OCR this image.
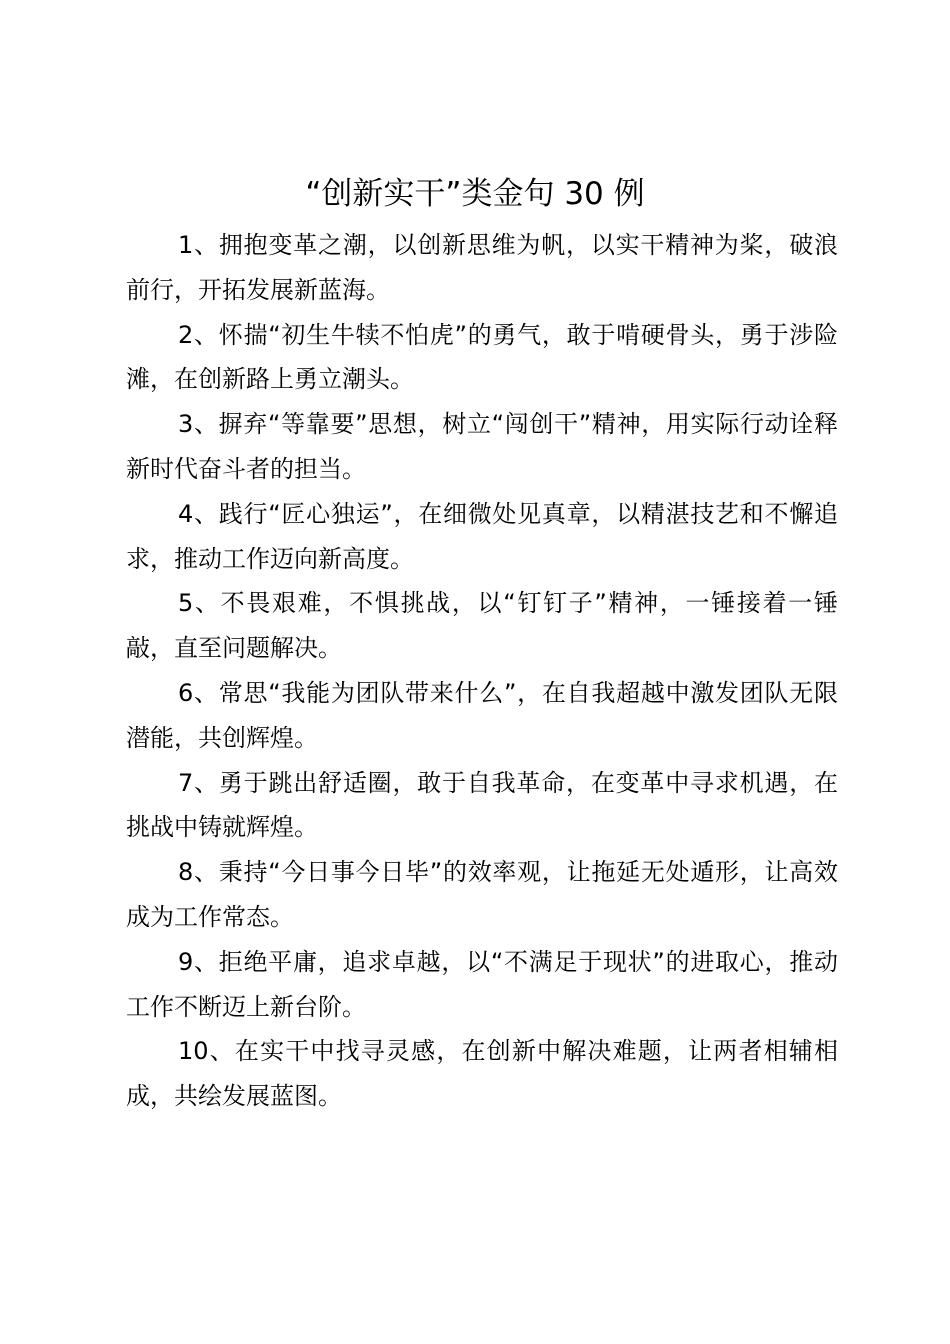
“创新实干”类金句 30 例

1、拥抱变革之潮，以创新思维为帆，以实干精神为桨，破浪前行，开拓发展新蓝海。

2、怀揣“初生牛犊不怕虎”的勇气，敢于啃硬骨头，勇于涉险滩，在创新路上勇立潮头。

3、摒弃“等靠要”思想，树立“闯创干”精神，用实际行动诠释新时代奋斗者的担当。

4、践行“匠心独运”，在细微处见真章，以精湛技艺和不懈追求，推动工作迈向新高度。

5、不畏艰难，不惧挑战，以“钉钉子”精神，一锤接着一锤敲，直至问题解决。

6、常思“我能为团队带来什么”，在自我超越中激发团队无限潜能，共创辉煌。

7、勇于跳出舒适圈，敢于自我革命，在变革中寻求机遇，在挑战中铸就辉煌。

8、秉持“今日事今日毕”的效率观，让拖延无处遁形，让高效成为工作常态。

9、拒绝平庸，追求卓越，以“不满足于现状”的进取心，推动工作不断迈上新台阶。

10、在实干中找寻灵感，在创新中解决难题，让两者相辅相成，共绘发展蓝图。
